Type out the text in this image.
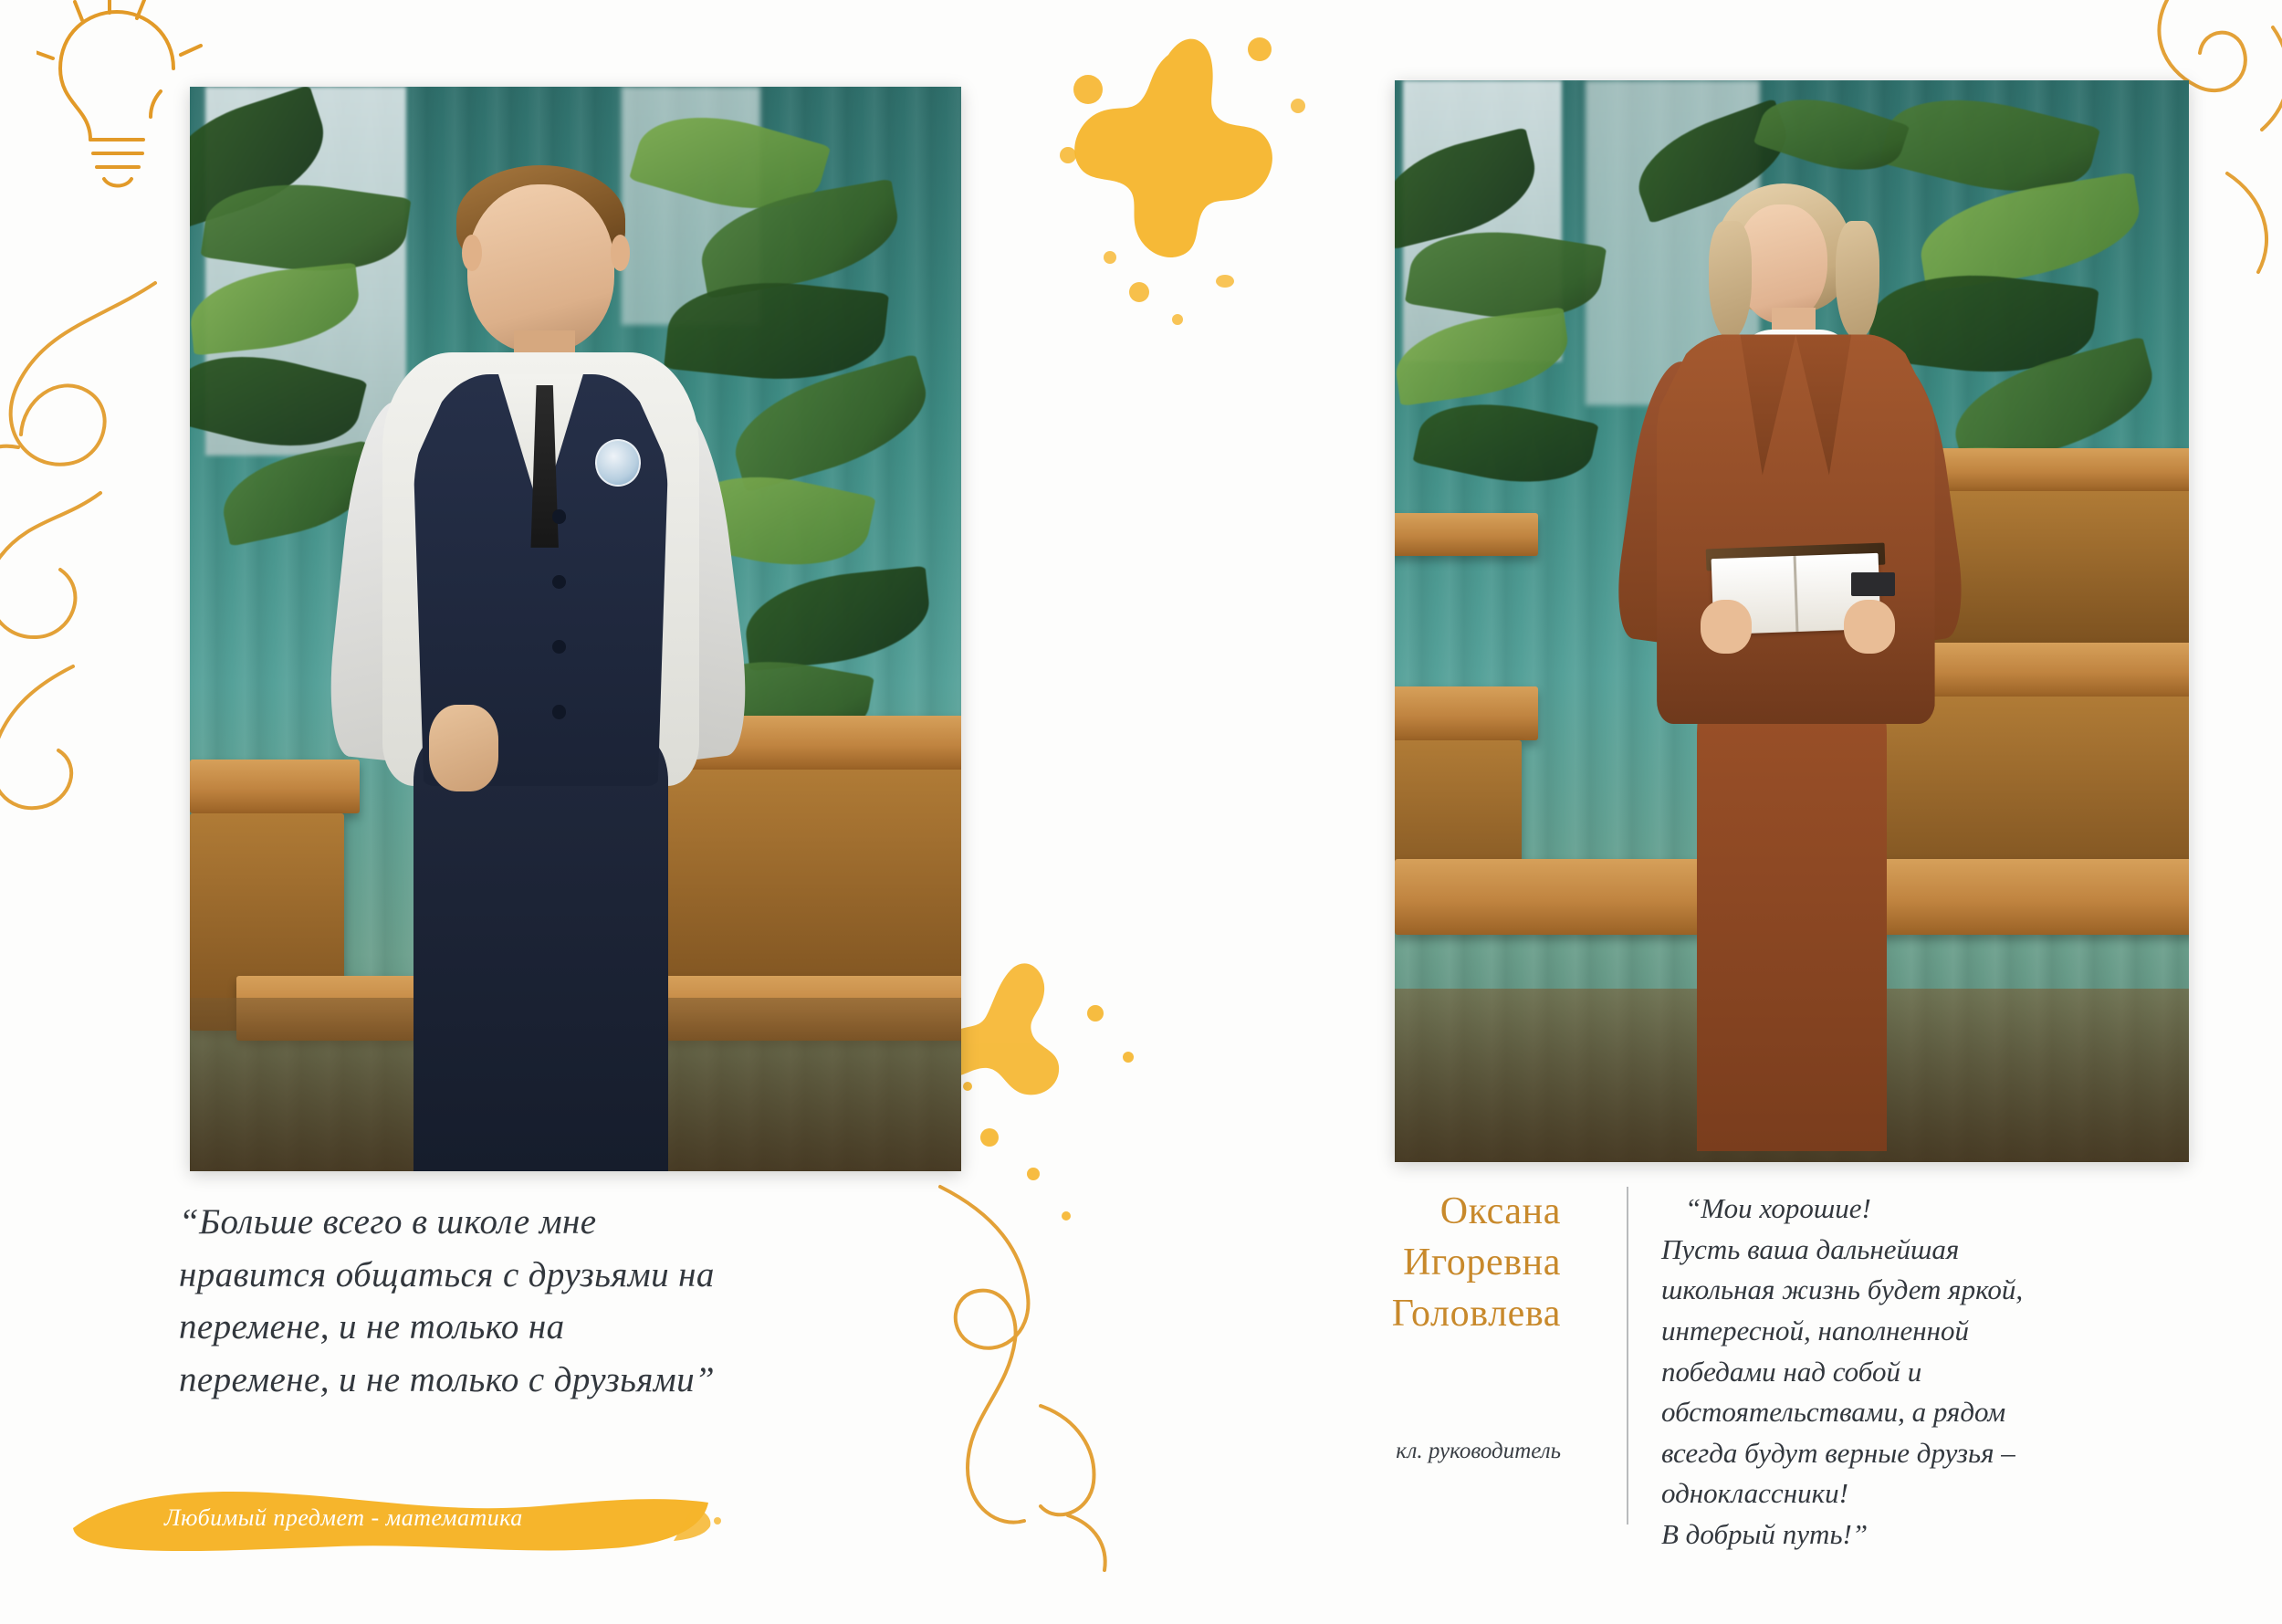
“Больше всего в школе мне
нравится общаться с друзьями на
перемене, и не только на
перемене, и не только с друзьями”
Любимый предмет - математика
Оксана
Игоревна
Головлева
кл. руководитель
“Мои хорошие!
Пусть ваша дальнейшая
школьная жизнь будет яркой,
интересной, наполненной
победами над собой и
обстоятельствами, а рядом
всегда будут верные друзья –
одноклассники!
В добрый путь!”
